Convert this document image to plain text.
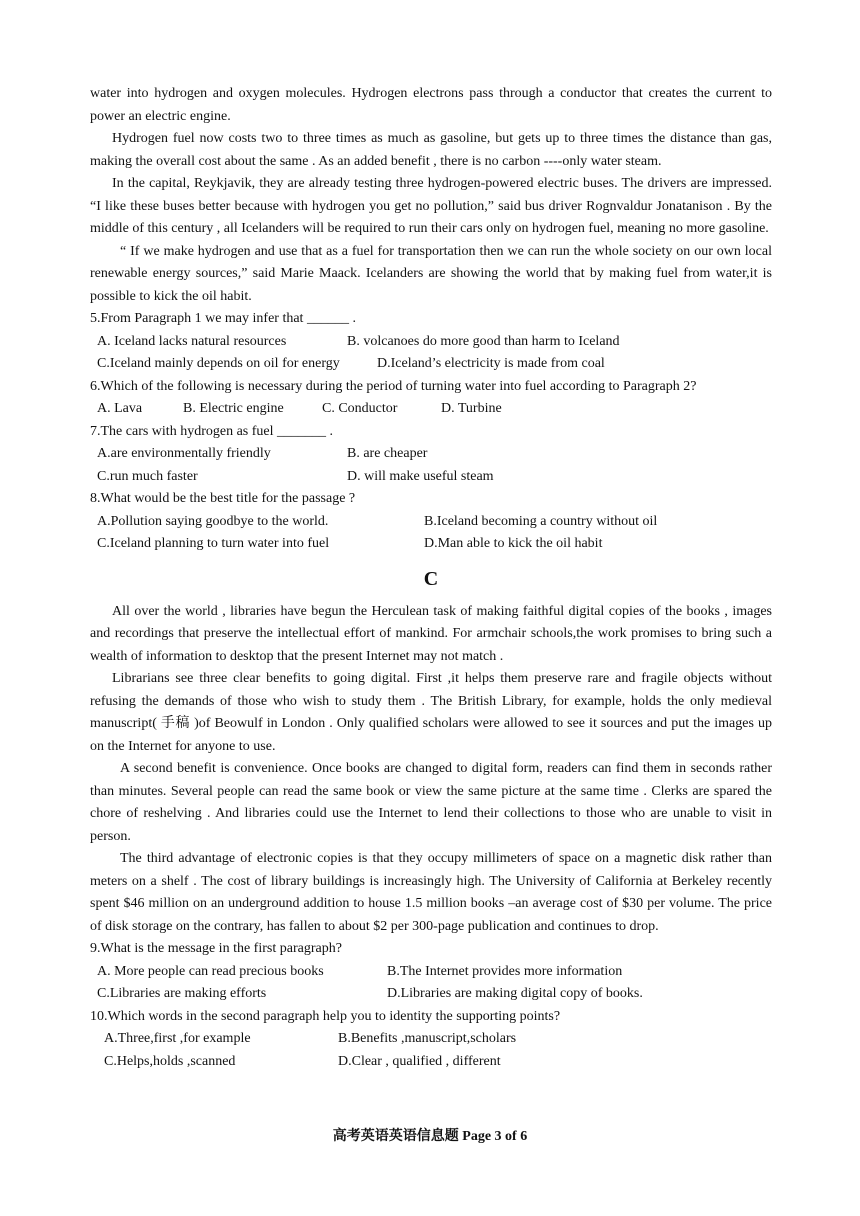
water into hydrogen and oxygen molecules. Hydrogen electrons pass through a conductor that creates the current to power an electric engine.

Hydrogen fuel now costs two to three times as much as gasoline, but gets up to three times the distance than gas, making the overall cost about the same . As an added benefit , there is no carbon ----only water steam.

In the capital, Reykjavik, they are already testing three hydrogen-powered electric buses. The drivers are impressed. “I like these buses better because with hydrogen you get no pollution,” said bus driver Rognvaldur Jonatanison . By the middle of this century , all Icelanders will be required to run their cars only on hydrogen fuel, meaning no more gasoline.

“ If we make hydrogen and use that as a fuel for transportation then we can run the whole society on our own local renewable energy sources,” said Marie Maack. Icelanders are showing the world that by making fuel from water,it is possible to kick the oil habit.

5.From Paragraph 1 we may infer that ______ .
A. Iceland lacks natural resources	B. volcanoes do more good than harm to Iceland
C.Iceland mainly depends on oil for energy	D.Iceland’s electricity is made from coal
6.Which of the following is necessary during the period of turning water into fuel according to Paragraph 2?
A. Lava	B. Electric engine	C. Conductor	D. Turbine
7.The cars with hydrogen as fuel _______ .
A.are environmentally friendly	B. are cheaper
C.run much faster	D. will make useful steam
8.What would be the best title for the passage ?
A.Pollution saying goodbye to the world.	B.Iceland becoming a country without oil
C.Iceland planning to turn water into fuel	D.Man able to kick the oil habit
C

All over the world , libraries have begun the Herculean task of making faithful digital copies of the books , images and recordings that preserve the intellectual effort of mankind. For armchair schools,the work promises to bring such a wealth of information to desktop that the present Internet may not match .

Librarians see three clear benefits to going digital. First ,it helps them preserve rare and fragile objects without refusing the demands of those who wish to study them . The British Library, for example, holds the only medieval manuscript( 手稿 )of Beowulf in London . Only qualified scholars were allowed to see it sources and put the images up on the Internet for anyone to use.

A second benefit is convenience. Once books are changed to digital form, readers can find them in seconds rather than minutes. Several people can read the same book or view the same picture at the same time . Clerks are spared the chore of reshelving . And libraries could use the Internet to lend their collections to those who are unable to visit in person.

The third advantage of electronic copies is that they occupy millimeters of space on a magnetic disk rather than meters on a shelf . The cost of library buildings is increasingly high. The University of California at Berkeley recently spent $46 million on an underground addition to house 1.5 million books –an average cost of $30 per volume. The price of disk storage on the contrary, has fallen to about $2 per 300-page publication and continues to drop.

9.What is the message in the first paragraph?
A. More people can read precious books	B.The Internet provides more information
C.Libraries are making efforts	D.Libraries are making digital copy of books.
10.Which words in the second paragraph help you to identity the supporting points?
A.Three,first ,for example	B.Benefits ,manuscript,scholars
C.Helps,holds ,scanned	D.Clear , qualified , different
高考英语英语信息题 Page 3 of 6
